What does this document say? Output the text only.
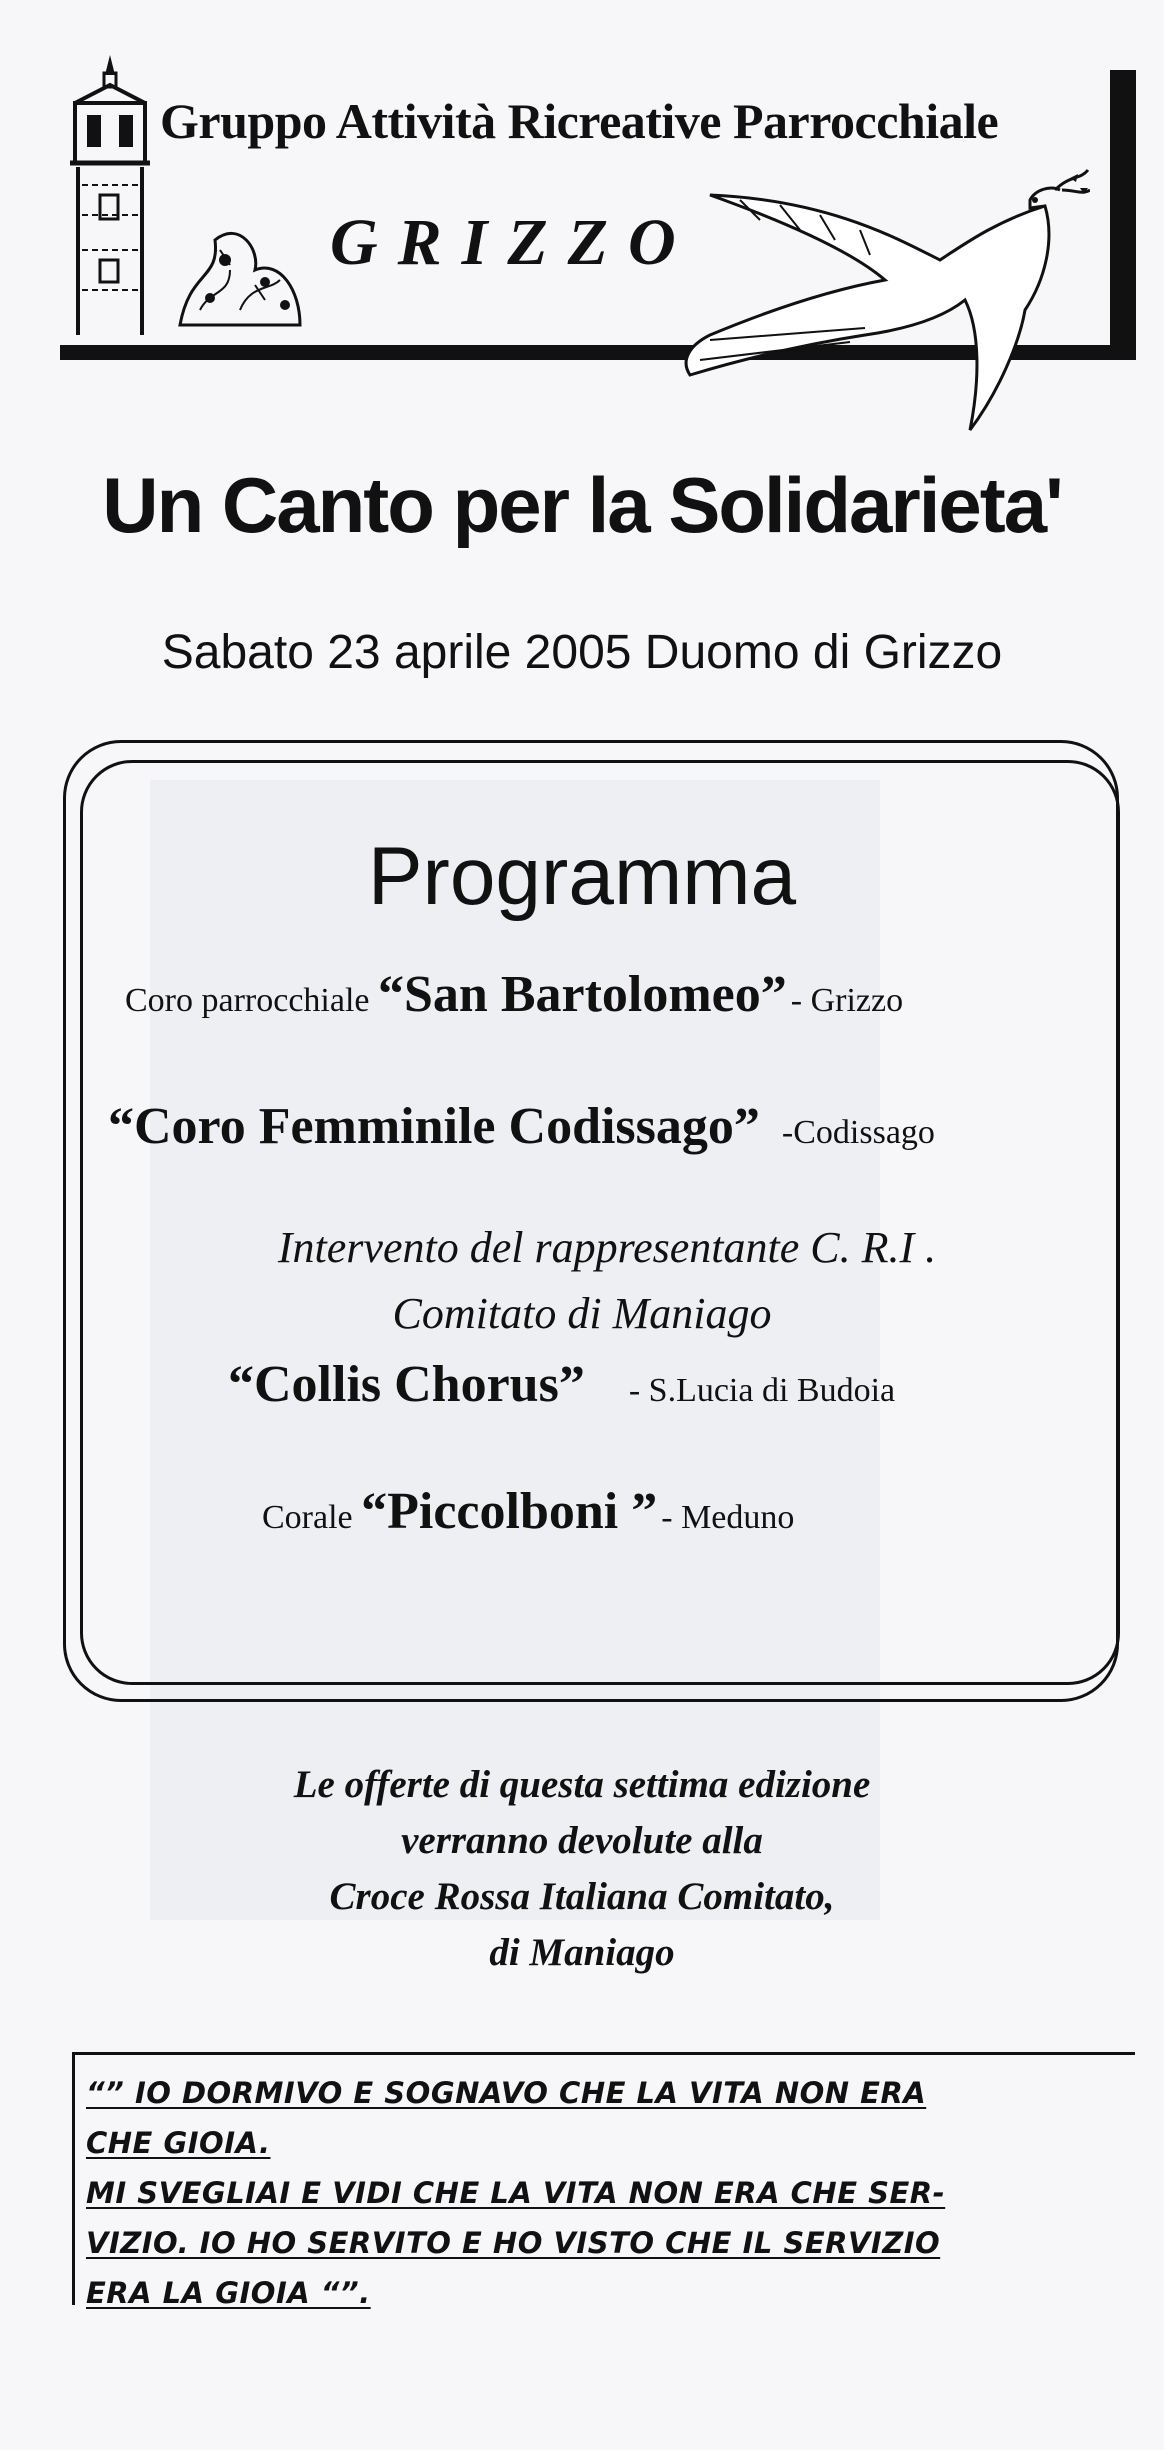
Gruppo Attività Ricreative Parrocchiale
GRIZZO
Un Canto per la Solidarieta'
Sabato 23 aprile 2005 Duomo di Grizzo
Programma
Coro parrocchiale “San Bartolomeo” - Grizzo
“Coro Femminile Codissago” -Codissago
Intervento del rappresentante C. R.I .
Comitato di Maniago
“Collis Chorus” - S.Lucia di Budoia
Corale “Piccolboni ” - Meduno
Le offerte di questa settima edizione
verranno devolute alla
Croce Rossa Italiana Comitato,
di Maniago
“” IO DORMIVO E SOGNAVO CHE LA VITA NON ERA
CHE GIOIA.
MI SVEGLIAI E VIDI CHE LA VITA NON ERA CHE SER-
VIZIO. IO HO SERVITO E HO VISTO CHE IL SERVIZIO
ERA LA GIOIA “”.
